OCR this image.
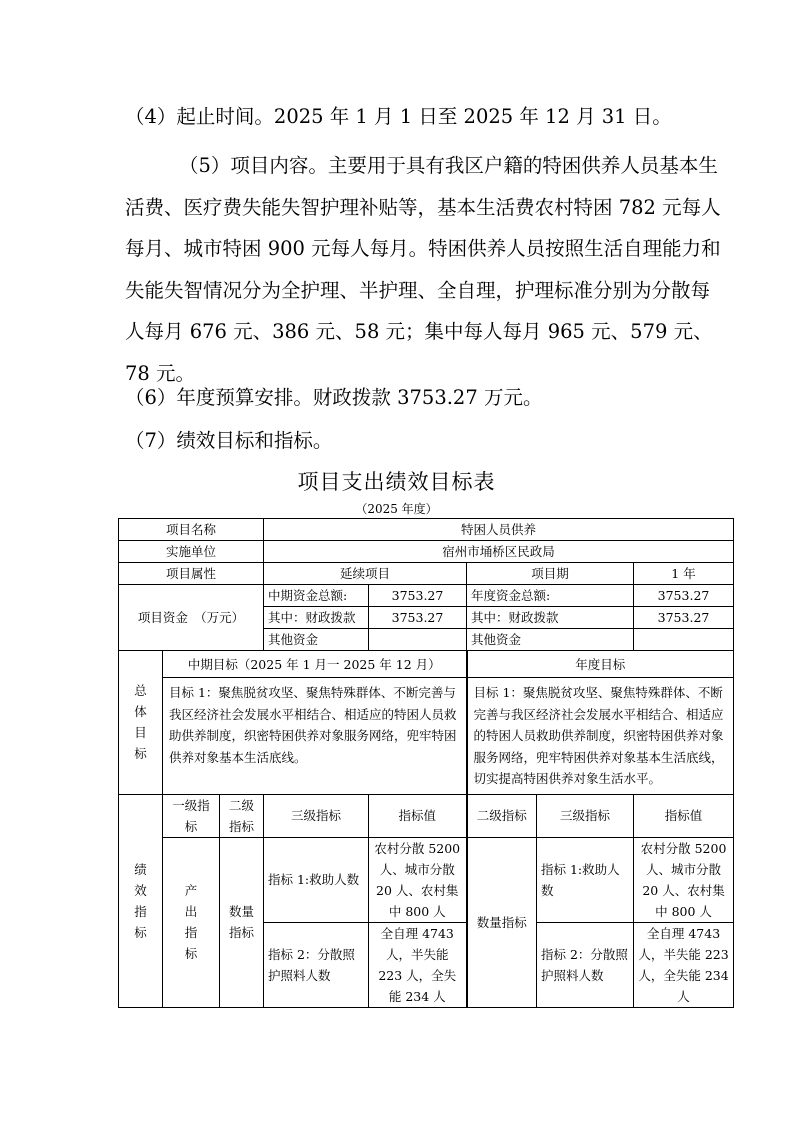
（4）起止时间。2025 年 1 月 1 日至 2025 年 12 月 31 日。

（5）项目内容。主要用于具有我区户籍的特困供养人员基本生活费、医疗费失能失智护理补贴等，基本生活费农村特困 782 元每人每月、城市特困 900 元每人每月。特困供养人员按照生活自理能力和失能失智情况分为全护理、半护理、全自理，护理标准分别为分散每人每月 676 元、386 元、58 元；集中每人每月 965 元、579 元、78 元。

（6）年度预算安排。财政拨款 3753.27 万元。

（7）绩效目标和指标。

项目支出绩效目标表
（2025 年度）
项目名称			特困人员供养				
实施单位			宿州市埇桥区民政局				
项目属性			延续项目		项目期		1 年
项目资金　（万元）			中期资金总额:	3753.27	年度资金总额:		3753.27
			其中：财政拨款	3753.27	其中：财政拨款		3753.27
			其他资金		其他资金		

总体目标	中期目标（2025 年 1 月一 2025 年 12 月）				年度目标		
	目标 1：聚焦脱贫攻坚、聚焦特殊群体、不断完善与我区经济社会发展水平相结合、相适应的特困人员救助供养制度，织密特困供养对象服务网络，兜牢特困供养对象基本生活底线。				目标 1：聚焦脱贫攻坚、聚焦特殊群体、不断完善与我区经济社会发展水平相结合、相适应的特困人员救助供养制度，织密特困供养对象服务网络，兜牢特困供养对象基本生活底线，切实提高特困供养对象生活水平。		

绩效指标	一级指标	二级指标	三级指标	指标值	二级指标	三级指标	指标值

	产出指标	数量指标	指标 1:救助人数	农村分散 5200 人、城市分散 20 人、农村集中 800 人	数量指标	指标 1:救助人数	农村分散 5200 人、城市分散 20 人、农村集中 800 人
			指标 2：分散照护照料人数	全自理 4743 人，半失能 223 人，全失能 234 人		指标 2：分散照护照料人数	全自理 4743 人，半失能 223 人，全失能 234 人
